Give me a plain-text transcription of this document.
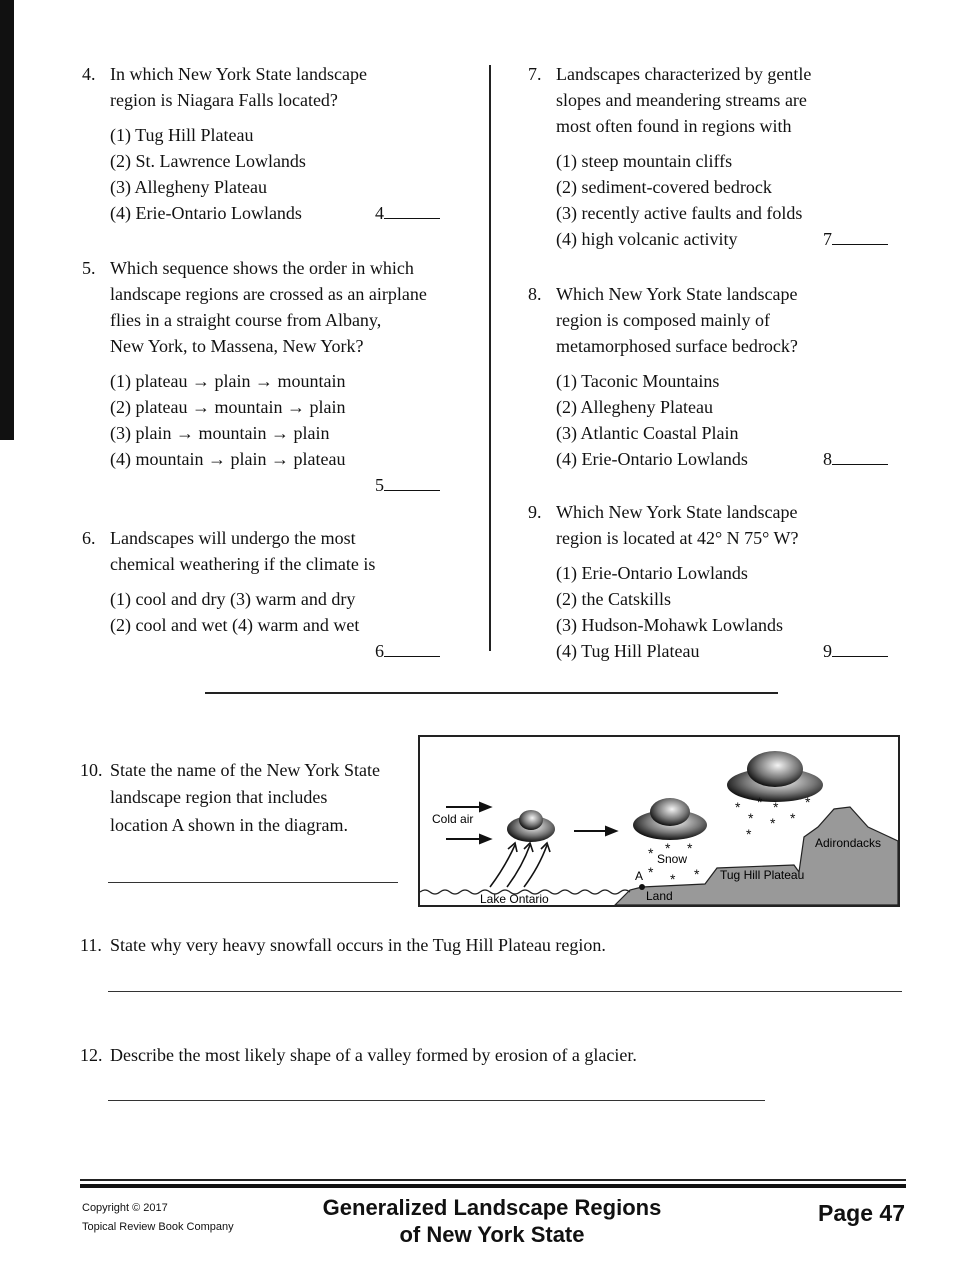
4. In which New York State landscape
region is Niagara Falls located?
(1) Tug Hill Plateau
(2) St. Lawrence Lowlands
(3) Allegheny Plateau
(4) Erie-Ontario Lowlands	4
5. Which sequence shows the order in which
landscape regions are crossed as an airplane
flies in a straight course from Albany,
New York, to Massena, New York?
(1) plateau → plain → mountain
(2) plateau → mountain → plain
(3) plain → mountain → plain
(4) mountain → plain → plateau
5
6. Landscapes will undergo the most
chemical weathering if the climate is
(1) cool and dry (3) warm and dry
(2) cool and wet (4) warm and wet
6
7. Landscapes characterized by gentle
slopes and meandering streams are
most often found in regions with
(1) steep mountain cliffs
(2) sediment-covered bedrock
(3) recently active faults and folds
(4) high volcanic activity	7
8. Which New York State landscape
region is composed mainly of
metamorphosed surface bedrock?
(1) Taconic Mountains
(2) Allegheny Plateau
(3) Atlantic Coastal Plain
(4) Erie-Ontario Lowlands	8
9. Which New York State landscape
region is located at 42° N 75° W?
(1) Erie-Ontario Lowlands
(2) the Catskills
(3) Hudson-Mohawk Lowlands
(4) Tug Hill Plateau	9
10. State the name of the New York State
landscape region that includes
location A shown in the diagram.
* * *
* * *
* * * *
* * *
*
Cold air
Snow
A
Land
Lake Ontario
Tug Hill Plateau
Adirondacks
11. State why very heavy snowfall occurs in the Tug Hill Plateau region.
12. Describe the most likely shape of a valley formed by erosion of a glacier.
Copyright © 2017
Topical Review Book Company
Generalized Landscape Regions
of New York State
Page 47
